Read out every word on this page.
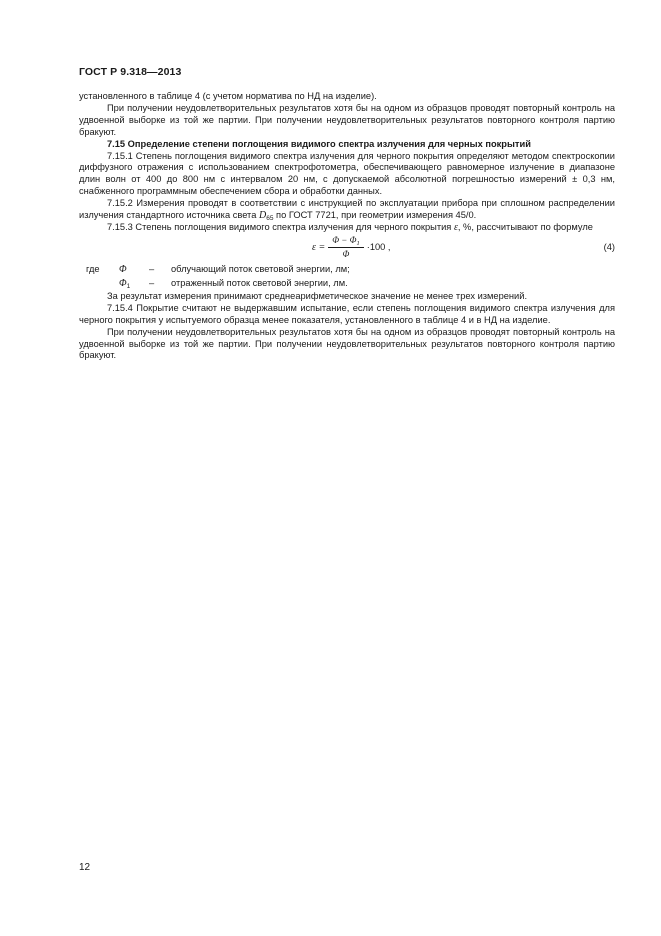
ГОСТ Р 9.318—2013

установленного в таблице 4 (с учетом норматива по НД на изделие).

При получении неудовлетворительных результатов хотя бы на одном из образцов проводят повторный контроль на удвоенной выборке из той же партии. При получении неудовлетворительных результатов повторного контроля партию бракуют.

7.15 Определение степени поглощения видимого спектра излучения для черных покрытий

7.15.1 Степень поглощения видимого спектра излучения для черного покрытия определяют методом спектроскопии диффузного отражения с использованием спектрофотометра, обеспечивающего равномерное излучение в диапазоне длин волн от 400 до 800 нм с интервалом 20 нм, с допускаемой абсолютной погрешностью измерений ± 0,3 нм, снабженного программным обеспечением сбора и обработки данных.

7.15.2 Измерения проводят в соответствии с инструкцией по эксплуатации прибора при сплошном распределении излучения стандартного источника света $D_{65}$ по ГОСТ 7721, при геометрии измерения 45/0.

7.15.3 Степень поглощения видимого спектра излучения для черного покрытия ε, %, рассчитывают по формуле

$\varepsilon = \frac{\Phi - \Phi_1}{\Phi} \cdot 100$ ,	(4)
где	Φ	–	облучающий поток световой энергии, лм;
$\Phi_1$	–	отраженный поток световой энергии, лм.

За результат измерения принимают среднеарифметическое значение не менее трех измерений.

7.15.4 Покрытие считают не выдержавшим испытание, если степень поглощения видимого спектра излучения для черного покрытия у испытуемого образца менее показателя, установленного в таблице 4 и в НД на изделие.

При получении неудовлетворительных результатов хотя бы на одном из образцов проводят повторный контроль на удвоенной выборке из той же партии. При получении неудовлетворительных результатов повторного контроля партию бракуют.

12
